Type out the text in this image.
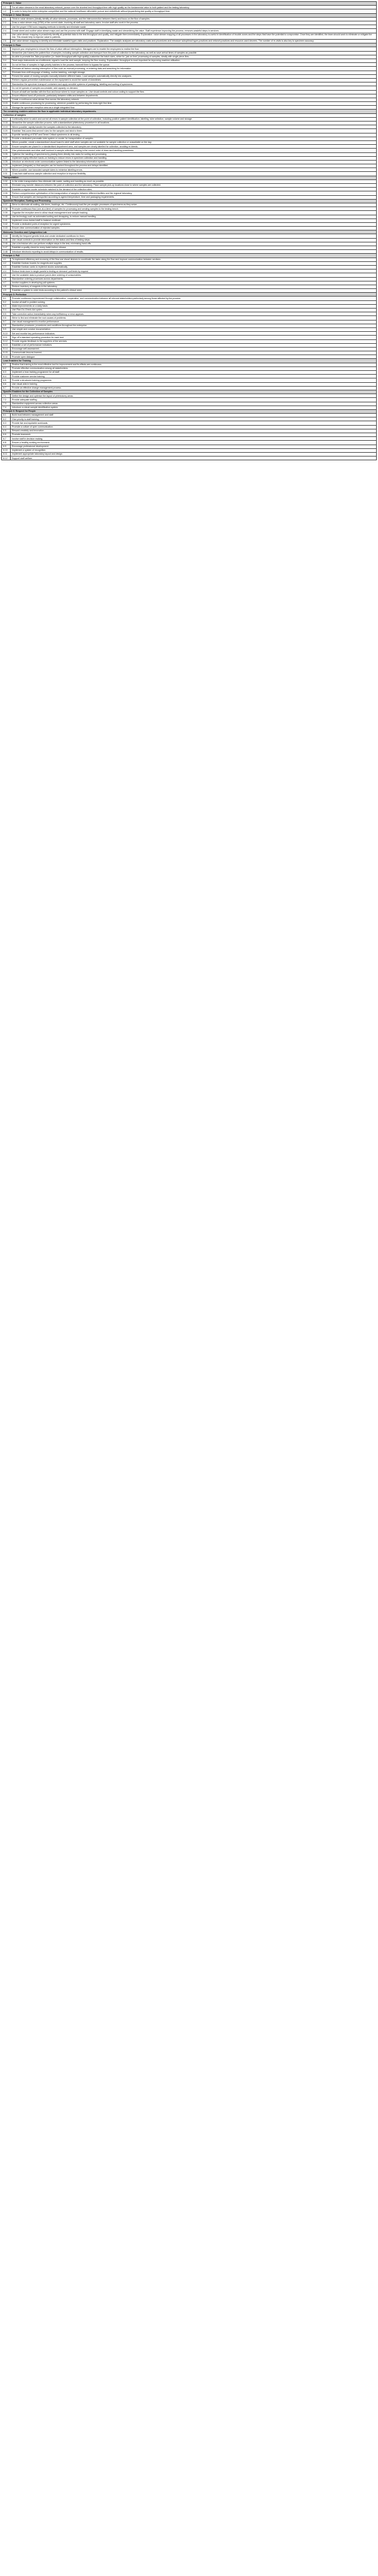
Principle 1: Value	
1.1	For all value streams in the renal laboratory network, pursue over the shortest test throughput time with high quality as the fundamental value to both patient and the testing laboratory.
1.2	In order to keep the entire enterprise competitive and the national healthcare affordable pursue and redistribute without jeopardising test quality or throughput time.
Principle 2: Value Stream	
2.1	Think in value streams (ideally identify all value streams, processes, and the interconnection between them) and focus on the flow of samples.
2.2	Draw a value stream map (VSM) of the current state, involving all staff and laboratory users. Involve staff who work in the process.
2.3	Use the proper VSM icons mapping methods to identify and eliminate waste.
2.4	Create sheet and routine value stream maps and use the process with staff. Engage staff in identifying waste and streamlining the value. Staff experience improving the process, removes wasteful steps in services.
2.5	Use value stream mapping to proactively identify all potential risks to the test throughput and quality, and mitigate them immediately. Explanation: value stream mapping of all processes in the laboratory is useful in identification of trouble zones and the steps that have the potential to compromise. Once they are identified, the team should work to eliminate or mitigate the risk. This should help to improve value to patients.
2.6	Use value stream mapping to identify and eliminate wasteful hyper-visits and practices. Explanation: The analytic analyses are laboratory costs and procedures and introduce suboptimal hyper-practices and network practices and resource-used decrees. The number of re-visits is also key to specimen accuracy.
Principle 3: Flow	
3.1	Improve your employees to ensure the flow of value without interruption. Managers are to enable the employees to realise the flow.
3.2	Streamline (via Kaizen) the patient flow of samples, including sample collection and transport from the point of collection to the laboratory, as well as save arrival times of samples as possible.
3.3	As able to promote the Take proposition (i.e. faster throughput with high quality) customise the batch sizes, strive for 'just on time' processing of samples, ideally with single piece flow.
3.4	Treat major instruments as a bottleneck; signal to load the next sample, keeping the flow moving. Explanation: throughput is most important for improving machine utilisation.
3.5	Do not let flow of samples in high-priority batches in the process; transmit them to bypass the queue.
3.6	Eliminate all factors causing interruption of flow such as manual processing, re-entering data and searching for information.
3.7	Eliminate time-shift stoppage of testing, routine batching, overnight storage.
3.8	Prevent the waste of moving samples manually between different tasks. Load samples automatically directly into analysers.
3.9	Perform regular preventive maintenance on the equipment to avoid the waste of downtimes.
3.10	Standardise the specimen transport containers and apply sensible systems of packaging, labelling and sorting of specimens.
3.11	Do not let queues of samples accumulate; add capacity on demand.
3.12	Ensure all staff are familiar with the flow and know where to move samples on. Use visual controls and colour coding to support the flow.
3.13	Ensure efficient hand-off protocols, particularly between shifts and between departments.
3.14	Create a continuous value stream flow across the laboratory network.
3.15	Enable continuous processing for processing, wherever possible by performing the tests right first time.
3.16	Manage the specimen reception area as a single integrated flow.
The remaining enablers address the flow in applicable individual laboratory departments.	
Collection of samples	
3.17	Continually strive to catch and correct all errors in sample collection at the point of collection, including positive patient identification, labelling, tube selection, sample volume and storage.
3.18	Streamline the sample collection process, with a standardised phlebotomy procedure in all locations.
3.19	Where possible, rapidly transfer the samples collected to the laboratory.
3.20	Establish 'first-come-first-served' rules for the samples and stick to them.
3.21	Expedite handling of STAT and Timed Critical specimens to all testing.
3.22	Provide a dedicated pneumatic tube system or courier for transportation of samples.
3.23	Where possible, create a standardised visual board to alert staff when samples are not available for sample collection or unavailable on the day.
3.24	Ensure samples are placed in a standardised department area, and samples are clearly labelled for collection, avoiding re-bleeds.
3.25	Give phlebotomists and other staff involved in sample collection training in the correct order of draw and handling procedures.
3.26	Optimise the handling of specimens by placing them directly into racks for sorting and processing.
3.27	Implement highly effective hands-on training to reduce errors in specimen collection and handling.
3.28	Introduce an electronic order communication system linked to the laboratory information system.
3.29	Implement (integrate) so that samples can be tracked throughout the process and delays identified.
3.30	Where possible, use barcoded sample tubes to minimise labelling errors.
3.31	Cross train staff across sample collection and reception to improve flexibility.
Transportation	
3.32	In the entire transportation flow eliminate idle waste, waiting and handling as much as possible.
3.33	Eliminate long transfer distances between the point of collection and the laboratory. Place sample pick-up locations close to where samples are collected.
3.34	Establish a regular courier schedule matched to the demand of the collection sites.
3.35	Perform comprehensive optimisation of the transportation of samples between different facilities and the regional laboratory.
3.36	Ensure that samples are transported according to agreed temperature, time and packaging requirements.
Specimen Reception, Sorting and Processing	
3.37	Strive to eliminate all waiting, idle times, backlogs, etc. Continuously load the pre-analytic processes of specimens as they arrive.
3.38	Promote continuous flow (one-at-a-time) of samples for processing and sending samples to the testing bench.
3.39	Organise the reception area to allow visual management and sample tracking.
3.40	Use technology such as automated sorting and decapping, to reduce manual handling.
3.41	Implement cross-trained staff to balance workload.
3.42	Provide a dedicated point-of-reception for urgent specimens.
3.43	Ensure clear communication of rejected samples.
Molecular Genetics and Cytogenetics Lab	
3.44	Identify the frequent genetic tests and create dedicated workflows for them.
3.45	Use visual controls to provide information on the status and flow of testing steps.
3.46	Use a technician who can perform multiple steps in the test, minimising hand-offs.
3.47	Establish a quality check for every batch before release.
3.48	Introduce electronic reporting to avoid delays in communication of results.
Principle 4: Pull	
4.1	To implement efficiency and economy of the flow use visual devices to coordinate the tasks along the flow and improve communication between sections.
4.2	Establish Kanban boards for reagents and supplies.
4.3	Establish Kanban cards to replenish stocks automatically.
4.4	Reduce tests done in single panels to testing on demand, pull tests by request.
4.5	Use the available data to produce just-in-time ordering of consumables.
4.6	Standardise ordering processes across departments.
4.7	Involve suppliers in developing pull systems.
4.8	Reduce inventory of reagents in the laboratory.
4.9	Establish a system to order tests according to the patient's clinical need.
Principle 5: Perfection	
5.1	Promote continuous improvement through collaboration, cooperation, and communication between all relevant stakeholders particularly among those affected by the process.
5.2	Involve all staff in problem solving.
5.3	Make improvements on a daily basis.
5.4	Use Plan-Do-Check-Act cycles.
5.5	Take corrective action immediately when any inefficiency or error appears.
5.6	Strive to find and eliminate the root causes of problems.
5.7	Use visual management to monitor performance.
5.8	Standardise processes, procedures and conditions throughout the enterprise.
5.9	Use simple and concise documentation.
5.10	Set and monitor key performance indicators.
5.11	Sign off a standard operating procedure for each test.
5.12	Provide regular feedback to the suppliers of the services.
5.13	Establish a set of performance indicators.
5.14	Encourage self-assessment.
5.15	Communicate lessons learned.
5.16	Promote open dialogue.
Lean Enablers for Training	
6.1	Realise that training is the most effective tool for improvement and its effects are continuous.
6.2	Promote effective communication among all stakeholders.
6.3	Implement a lean training programme for all staff.
6.4	Provide customer service training.
6.5	Provide a structured training programme.
6.6	Use visual aids in training.
6.7	Provide an effective change management process.
Specific Enablers for the Collection of Samples	
7.1	Define the design and optimise the layout of phlebotomy areas.
7.2	Provide adequate staffing.
7.3	Standardise equipment across collection areas.
7.4	Introduce a robust sample identification system.
Principle 6: Respect for People	
6.1	Build trust between management and staff.
6.2	Give priority to staff training.
6.3	Provide fair and equitable workloads.
6.4	Promote a culture of open communication.
6.5	Reward creativity and innovation.
6.6	Promote teamwork.
6.7	Involve staff in decision making.
6.8	Ensure a healthy working environment.
6.9	Encourage professional development.
6.10	Implement a system of recognition.
6.11	Implement appropriate laboratory layout and design.
6.12	Support staff welfare.
